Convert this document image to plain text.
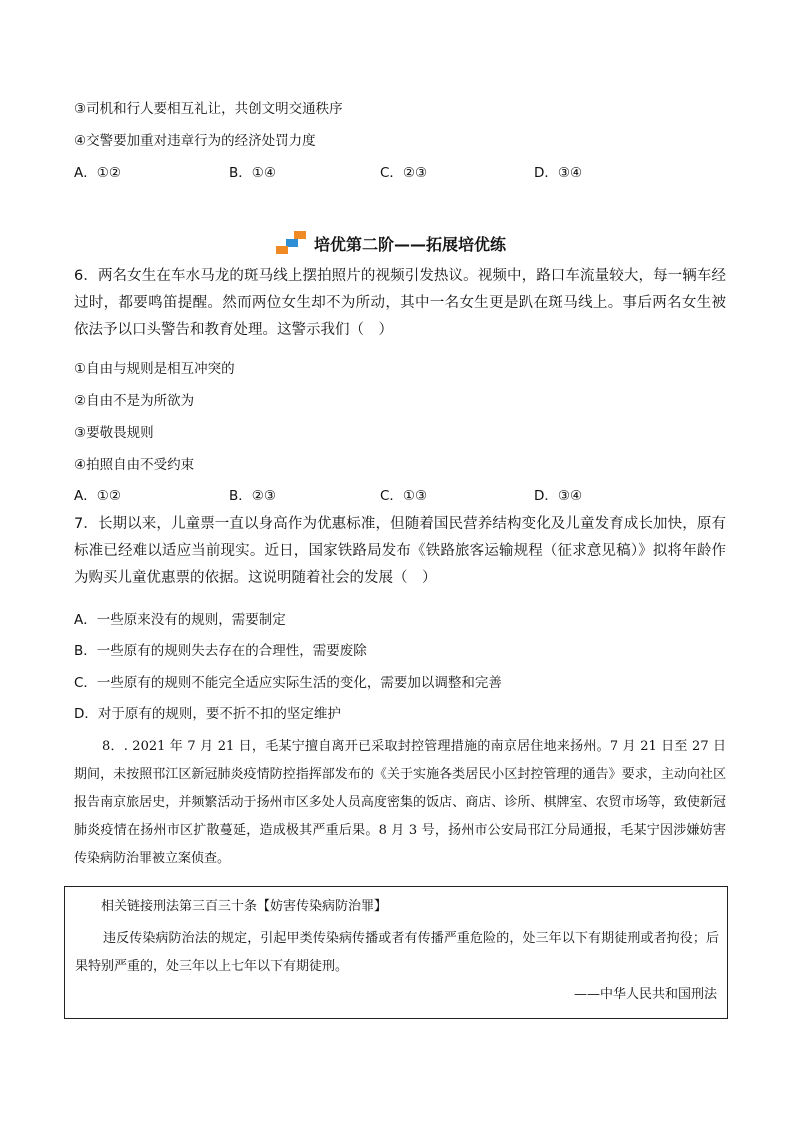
③司机和行人要相互礼让，共创文明交通秩序
④交警要加重对违章行为的经济处罚力度
A．①②	B．①④	C．②③	D．③④
培优第二阶——拓展培优练
6．两名女生在车水马龙的斑马线上摆拍照片的视频引发热议。视频中，路口车流量较大，每一辆车经过时，都要鸣笛提醒。然而两位女生却不为所动，其中一名女生更是趴在斑马线上。事后两名女生被依法予以口头警告和教育处理。这警示我们（　）
①自由与规则是相互冲突的
②自由不是为所欲为
③要敬畏规则
④拍照自由不受约束
A．①②	B．②③	C．①③	D．③④
7．长期以来，儿童票一直以身高作为优惠标准，但随着国民营养结构变化及儿童发育成长加快，原有标准已经难以适应当前现实。近日，国家铁路局发布《铁路旅客运输规程（征求意见稿）》拟将年龄作为购买儿童优惠票的依据。这说明随着社会的发展（　）
A．一些原来没有的规则，需要制定
B．一些原有的规则失去存在的合理性，需要废除
C．一些原有的规则不能完全适应实际生活的变化，需要加以调整和完善
D．对于原有的规则，要不折不扣的坚定维护
8．. 2021 年 7 月 21 日，毛某宁擅自离开已采取封控管理措施的南京居住地来扬州。7 月 21 日至 27 日期间，未按照邗江区新冠肺炎疫情防控指挥部发布的《关于实施各类居民小区封控管理的通告》要求，主动向社区报告南京旅居史，并频繁活动于扬州市区多处人员高度密集的饭店、商店、诊所、棋牌室、农贸市场等，致使新冠肺炎疫情在扬州市区扩散蔓延，造成极其严重后果。8 月 3 号，扬州市公安局邗江分局通报，毛某宁因涉嫌妨害传染病防治罪被立案侦查。
相关链接刑法第三百三十条【妨害传染病防治罪】
违反传染病防治法的规定，引起甲类传染病传播或者有传播严重危险的，处三年以下有期徒刑或者拘役；后果特别严重的，处三年以上七年以下有期徒刑。
——中华人民共和国刑法
